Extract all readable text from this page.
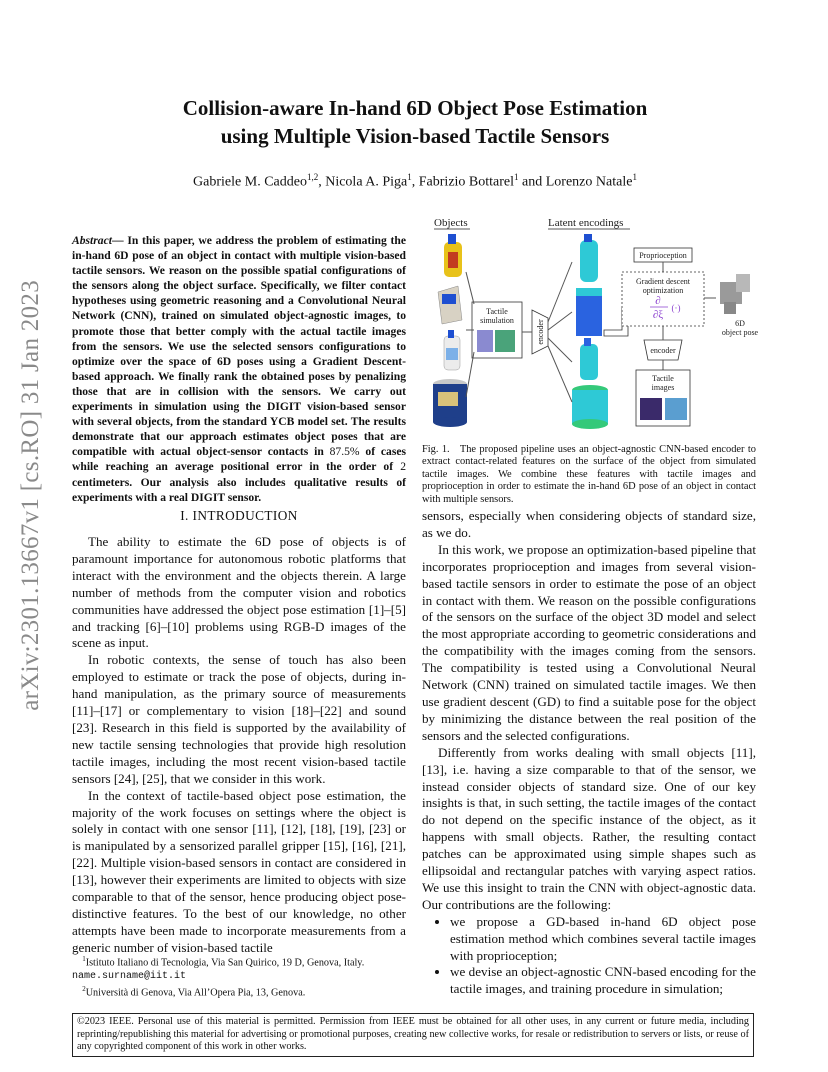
arXiv:2301.13667v1 [cs.RO] 31 Jan 2023
Collision-aware In-hand 6D Object Pose Estimation
using Multiple Vision-based Tactile Sensors
Gabriele M. Caddeo$^{1,2}$, Nicola A. Piga$^1$, Fabrizio Bottarel$^1$ and Lorenzo Natale$^1$

Abstract— In this paper, we address the problem of estimating the in-hand 6D pose of an object in contact with multiple vision-based tactile sensors. We reason on the possible spatial configurations of the sensors along the object surface. Specifically, we filter contact hypotheses using geometric reasoning and a Convolutional Neural Network (CNN), trained on simulated object-agnostic images, to promote those that better comply with the actual tactile images from the sensors. We use the selected sensors configurations to optimize over the space of 6D poses using a Gradient Descent-based approach. We finally rank the obtained poses by penalizing those that are in collision with the sensors. We carry out experiments in simulation using the DIGIT vision-based sensor with several objects, from the standard YCB model set. The results demonstrate that our approach estimates object poses that are compatible with actual object-sensor contacts in 87.5% of cases while reaching an average positional error in the order of 2 centimeters. Our analysis also includes qualitative results of experiments with a real DIGIT sensor.

I. INTRODUCTION

The ability to estimate the 6D pose of objects is of paramount importance for autonomous robotic platforms that interact with the environment and the objects therein. A large number of methods from the computer vision and robotics communities have addressed the object pose estimation [1]–[5] and tracking [6]–[10] problems using RGB-D images of the scene as input.

In robotic contexts, the sense of touch has also been employed to estimate or track the pose of objects, during in-hand manipulation, as the primary source of measurements [11]–[17] or complementary to vision [18]–[22] and sound [23]. Research in this field is supported by the availability of new tactile sensing technologies that provide high resolution tactile images, including the most recent vision-based tactile sensors [24], [25], that we consider in this work.

In the context of tactile-based object pose estimation, the majority of the work focuses on settings where the object is solely in contact with one sensor [11], [12], [18], [19], [23] or is manipulated by a sensorized parallel gripper [15], [16], [21], [22]. Multiple vision-based sensors in contact are considered in [13], however their experiments are limited to objects with size comparable to that of the sensor, hence producing object pose-distinctive features. To the best of our knowledge, no other attempts have been made to incorporate measurements from a generic number of vision-based tactile

$^1$Istituto Italiano di Tecnologia, Via San Quirico, 19 D, Genova, Italy.
name.surname@iit.it
$^2$Università di Genova, Via All’Opera Pia, 13, Genova.
Objects	Latent encodings
Tactile
simulation	encoder
Proprioception
Gradient descent
optimization
∂
∂ξ
(·)
encoder
Tactile
images
6D
object pose
Fig. 1. The proposed pipeline uses an object-agnostic CNN-based encoder to extract contact-related features on the surface of the object from simulated tactile images. We combine these features with tactile images and proprioception in order to estimate the in-hand 6D pose of an object in contact with multiple sensors.

sensors, especially when considering objects of standard size, as we do.

In this work, we propose an optimization-based pipeline that incorporates proprioception and images from several vision-based tactile sensors in order to estimate the pose of an object in contact with them. We reason on the possible configurations of the sensors on the surface of the object 3D model and select the most appropriate according to geometric considerations and the compatibility with the images coming from the sensors. The compatibility is tested using a Convolutional Neural Network (CNN) trained on simulated tactile images. We then use gradient descent (GD) to find a suitable pose for the object by minimizing the distance between the real position of the sensors and the selected configurations.

Differently from works dealing with small objects [11], [13], i.e. having a size comparable to that of the sensor, we instead consider objects of standard size. One of our key insights is that, in such setting, the tactile images of the contact do not depend on the specific instance of the object, as it happens with small objects. Rather, the resulting contact patches can be approximated using simple shapes such as ellipsoidal and rectangular patches with varying aspect ratios. We use this insight to train the CNN with object-agnostic data. Our contributions are the following:

• we propose a GD-based in-hand 6D object pose estimation method which combines several tactile images with proprioception;
• we devise an object-agnostic CNN-based encoding for the tactile images, and training procedure in simulation;
©2023 IEEE. Personal use of this material is permitted. Permission from IEEE must be obtained for all other uses, in any current or future media, including reprinting/republishing this material for advertising or promotional purposes, creating new collective works, for resale or redistribution to servers or lists, or reuse of any copyrighted component of this work in other works.
